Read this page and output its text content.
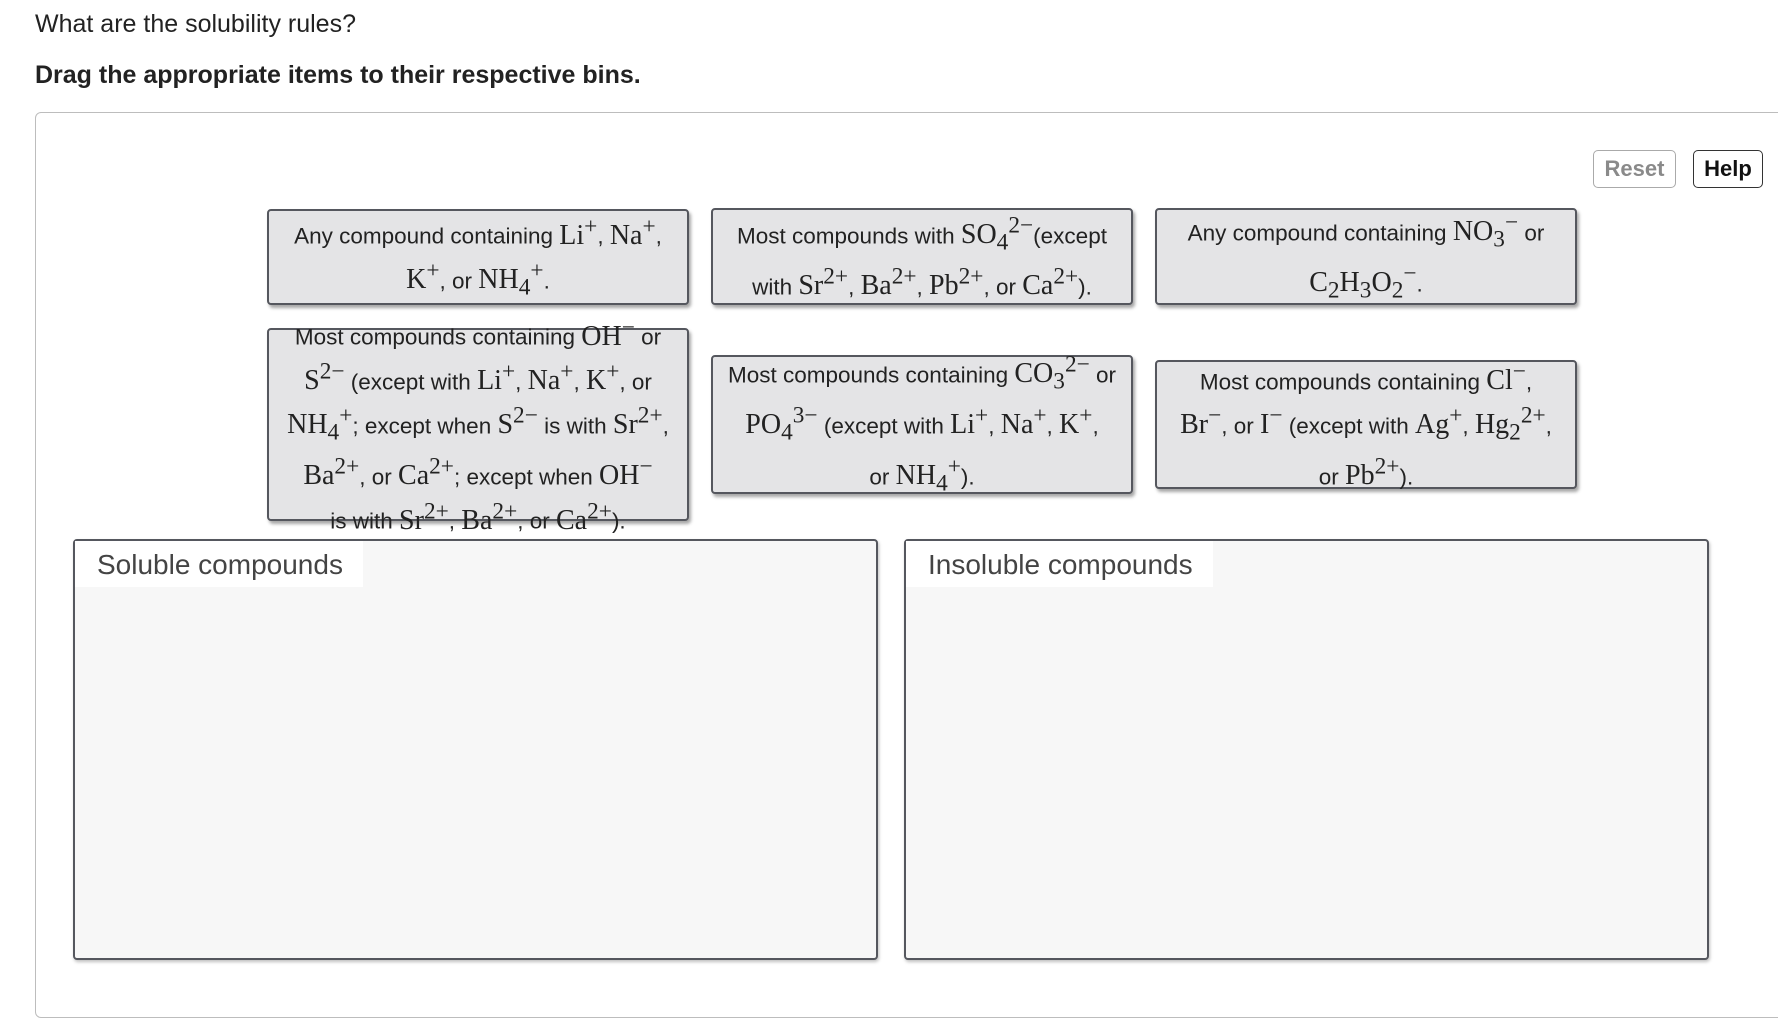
What are the solubility rules?
Drag the appropriate items to their respective bins.
Reset	Help
Any compound containing Li+, Na+,
K+, or $NH_4^+$.
Most compounds with $SO_4^{2-}(except$
with $Sr^{2+}$, $Ba^{2+}$, $Pb^{2+}$, or $Ca^{2+}$).
Any compound containing $NO_3^-$ or
$C_2H_3O_2^-$.
Most compounds containing OH− or
$S^{2-}$ (except with Li+, Na+, K+, or
$NH_4^+$; except when $S^{2-}$ is with $Sr^{2+}$,
$Ba^{2+}$, or $Ca^{2+}$; except when OH−
is with $Sr^{2+}$, $Ba^{2+}$, or $Ca^{2+}$).
Most compounds containing $CO_3^{2-}$ or
$PO_4^{3-}$ (except with Li+, Na+, K+,
or $NH_4^+$).
Most compounds containing Cl−,
Br−, or I− (except with Ag+, $Hg_2^{2+}$,
or $Pb^{2+}$).
Soluble compounds	Insoluble compounds
